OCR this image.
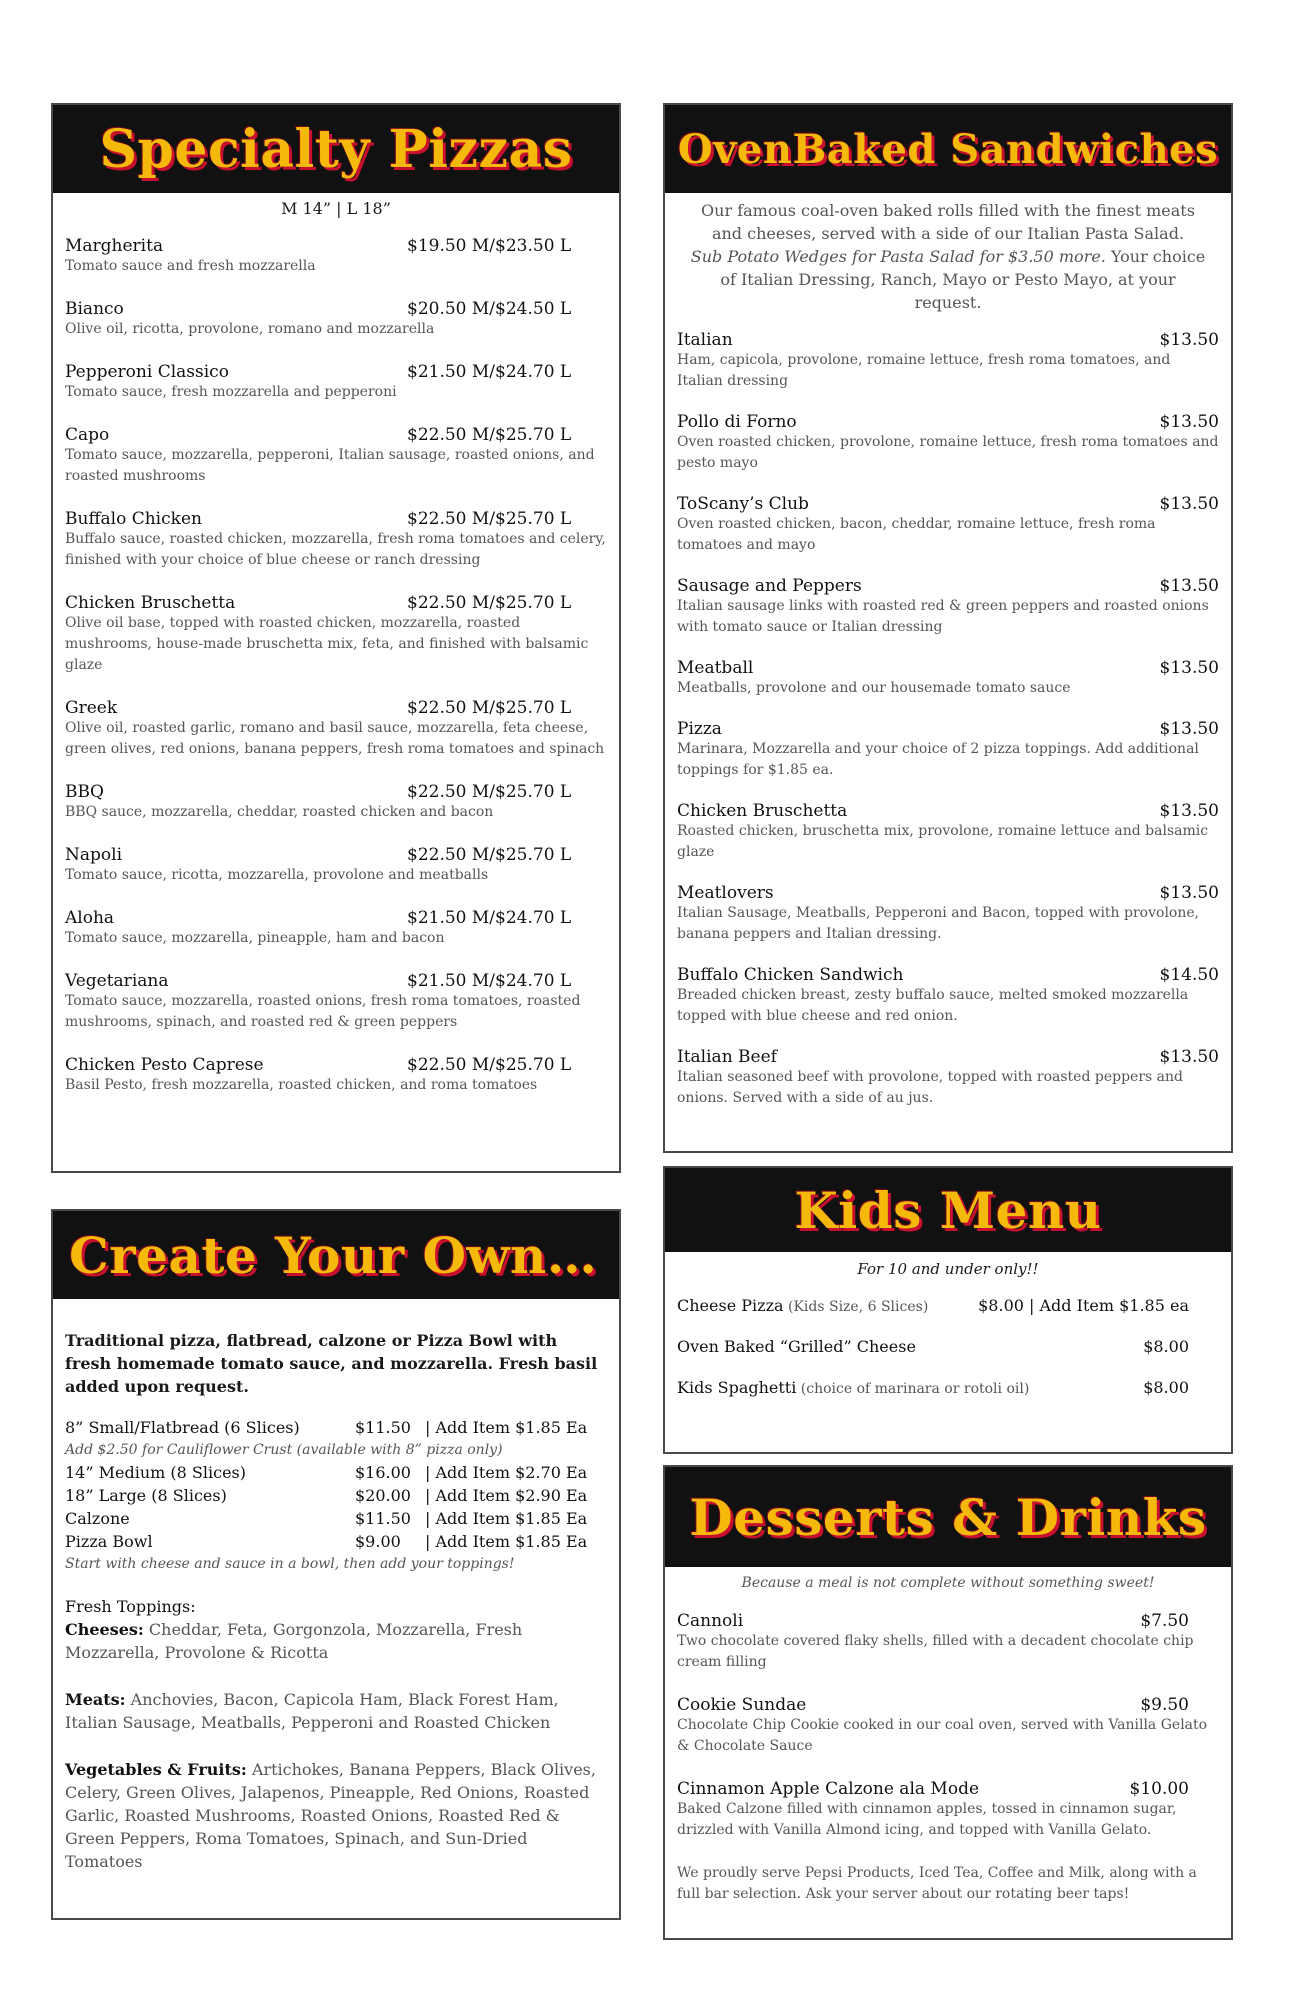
Specialty Pizzas
M 14” | L 18”
Margherita	$19.50 M/$23.50 L
Tomato sauce and fresh mozzarella
Bianco	$20.50 M/$24.50 L
Olive oil, ricotta, provolone, romano and mozzarella
Pepperoni Classico	$21.50 M/$24.70 L
Tomato sauce, fresh mozzarella and pepperoni
Capo	$22.50 M/$25.70 L
Tomato sauce, mozzarella, pepperoni, Italian sausage, roasted onions, and roasted mushrooms
Buffalo Chicken	$22.50 M/$25.70 L
Buffalo sauce, roasted chicken, mozzarella, fresh roma tomatoes and celery, finished with your choice of blue cheese or ranch dressing
Chicken Bruschetta	$22.50 M/$25.70 L
Olive oil base, topped with roasted chicken, mozzarella, roasted mushrooms, house-made bruschetta mix, feta, and finished with balsamic glaze
Greek	$22.50 M/$25.70 L
Olive oil, roasted garlic, romano and basil sauce, mozzarella, feta cheese, green olives, red onions, banana peppers, fresh roma tomatoes and spinach
BBQ	$22.50 M/$25.70 L
BBQ sauce, mozzarella, cheddar, roasted chicken and bacon
Napoli	$22.50 M/$25.70 L
Tomato sauce, ricotta, mozzarella, provolone and meatballs
Aloha	$21.50 M/$24.70 L
Tomato sauce, mozzarella, pineapple, ham and bacon
Vegetariana	$21.50 M/$24.70 L
Tomato sauce, mozzarella, roasted onions, fresh roma tomatoes, roasted mushrooms, spinach, and roasted red & green peppers
Chicken Pesto Caprese	$22.50 M/$25.70 L
Basil Pesto, fresh mozzarella, roasted chicken, and roma tomatoes
OvenBaked Sandwiches

Our famous coal-oven baked rolls filled with the finest meats and cheeses, served with a side of our Italian Pasta Salad.
Sub Potato Wedges for Pasta Salad for $3.50 more. Your choice of Italian Dressing, Ranch, Mayo or Pesto Mayo, at your request.

Italian	$13.50
Ham, capicola, provolone, romaine lettuce, fresh roma tomatoes, and Italian dressing
Pollo di Forno	$13.50
Oven roasted chicken, provolone, romaine lettuce, fresh roma tomatoes and pesto mayo
ToScany’s Club	$13.50
Oven roasted chicken, bacon, cheddar, romaine lettuce, fresh roma tomatoes and mayo
Sausage and Peppers	$13.50
Italian sausage links with roasted red & green peppers and roasted onions with tomato sauce or Italian dressing
Meatball	$13.50
Meatballs, provolone and our housemade tomato sauce
Pizza	$13.50
Marinara, Mozzarella and your choice of 2 pizza toppings. Add additional toppings for $1.85 ea.
Chicken Bruschetta	$13.50
Roasted chicken, bruschetta mix, provolone, romaine lettuce and balsamic glaze
Meatlovers	$13.50
Italian Sausage, Meatballs, Pepperoni and Bacon, topped with provolone, banana peppers and Italian dressing.
Buffalo Chicken Sandwich	$14.50
Breaded chicken breast, zesty buffalo sauce, melted smoked mozzarella topped with blue cheese and red onion.
Italian Beef	$13.50
Italian seasoned beef with provolone, topped with roasted peppers and onions. Served with a side of au jus.
Create Your Own…

Traditional pizza, flatbread, calzone or Pizza Bowl with fresh homemade tomato sauce, and mozzarella. Fresh basil added upon request.

8” Small/Flatbread (6 Slices)	$11.50 | Add Item $1.85 Ea
Add $2.50 for Cauliflower Crust (available with 8” pizza only)
14” Medium (8 Slices)	$16.00 | Add Item $2.70 Ea
18” Large (8 Slices)	$20.00 | Add Item $2.90 Ea
Calzone	$11.50 | Add Item $1.85 Ea
Pizza Bowl	$9.00	| Add Item $1.85 Ea
Start with cheese and sauce in a bowl, then add your toppings!
Fresh Toppings:
Cheeses: Cheddar, Feta, Gorgonzola, Mozzarella, Fresh Mozzarella, Provolone & Ricotta
Meats: Anchovies, Bacon, Capicola Ham, Black Forest Ham, Italian Sausage, Meatballs, Pepperoni and Roasted Chicken
Vegetables & Fruits: Artichokes, Banana Peppers, Black Olives, Celery, Green Olives, Jalapenos, Pineapple, Red Onions, Roasted Garlic, Roasted Mushrooms, Roasted Onions, Roasted Red & Green Peppers, Roma Tomatoes, Spinach, and Sun-Dried Tomatoes
Kids Menu
For 10 and under only!!
Cheese Pizza (Kids Size, 6 Slices)	$8.00 | Add Item $1.85 ea
Oven Baked “Grilled” Cheese	$8.00
Kids Spaghetti (choice of marinara or rotoli oil)	$8.00
Desserts & Drinks
Because a meal is not complete without something sweet!
Cannoli	$7.50
Two chocolate covered flaky shells, filled with a decadent chocolate chip cream filling
Cookie Sundae	$9.50
Chocolate Chip Cookie cooked in our coal oven, served with Vanilla Gelato & Chocolate Sauce
Cinnamon Apple Calzone ala Mode	$10.00
Baked Calzone filled with cinnamon apples, tossed in cinnamon sugar, drizzled with Vanilla Almond icing, and topped with Vanilla Gelato.

We proudly serve Pepsi Products, Iced Tea, Coffee and Milk, along with a full bar selection. Ask your server about our rotating beer taps!
